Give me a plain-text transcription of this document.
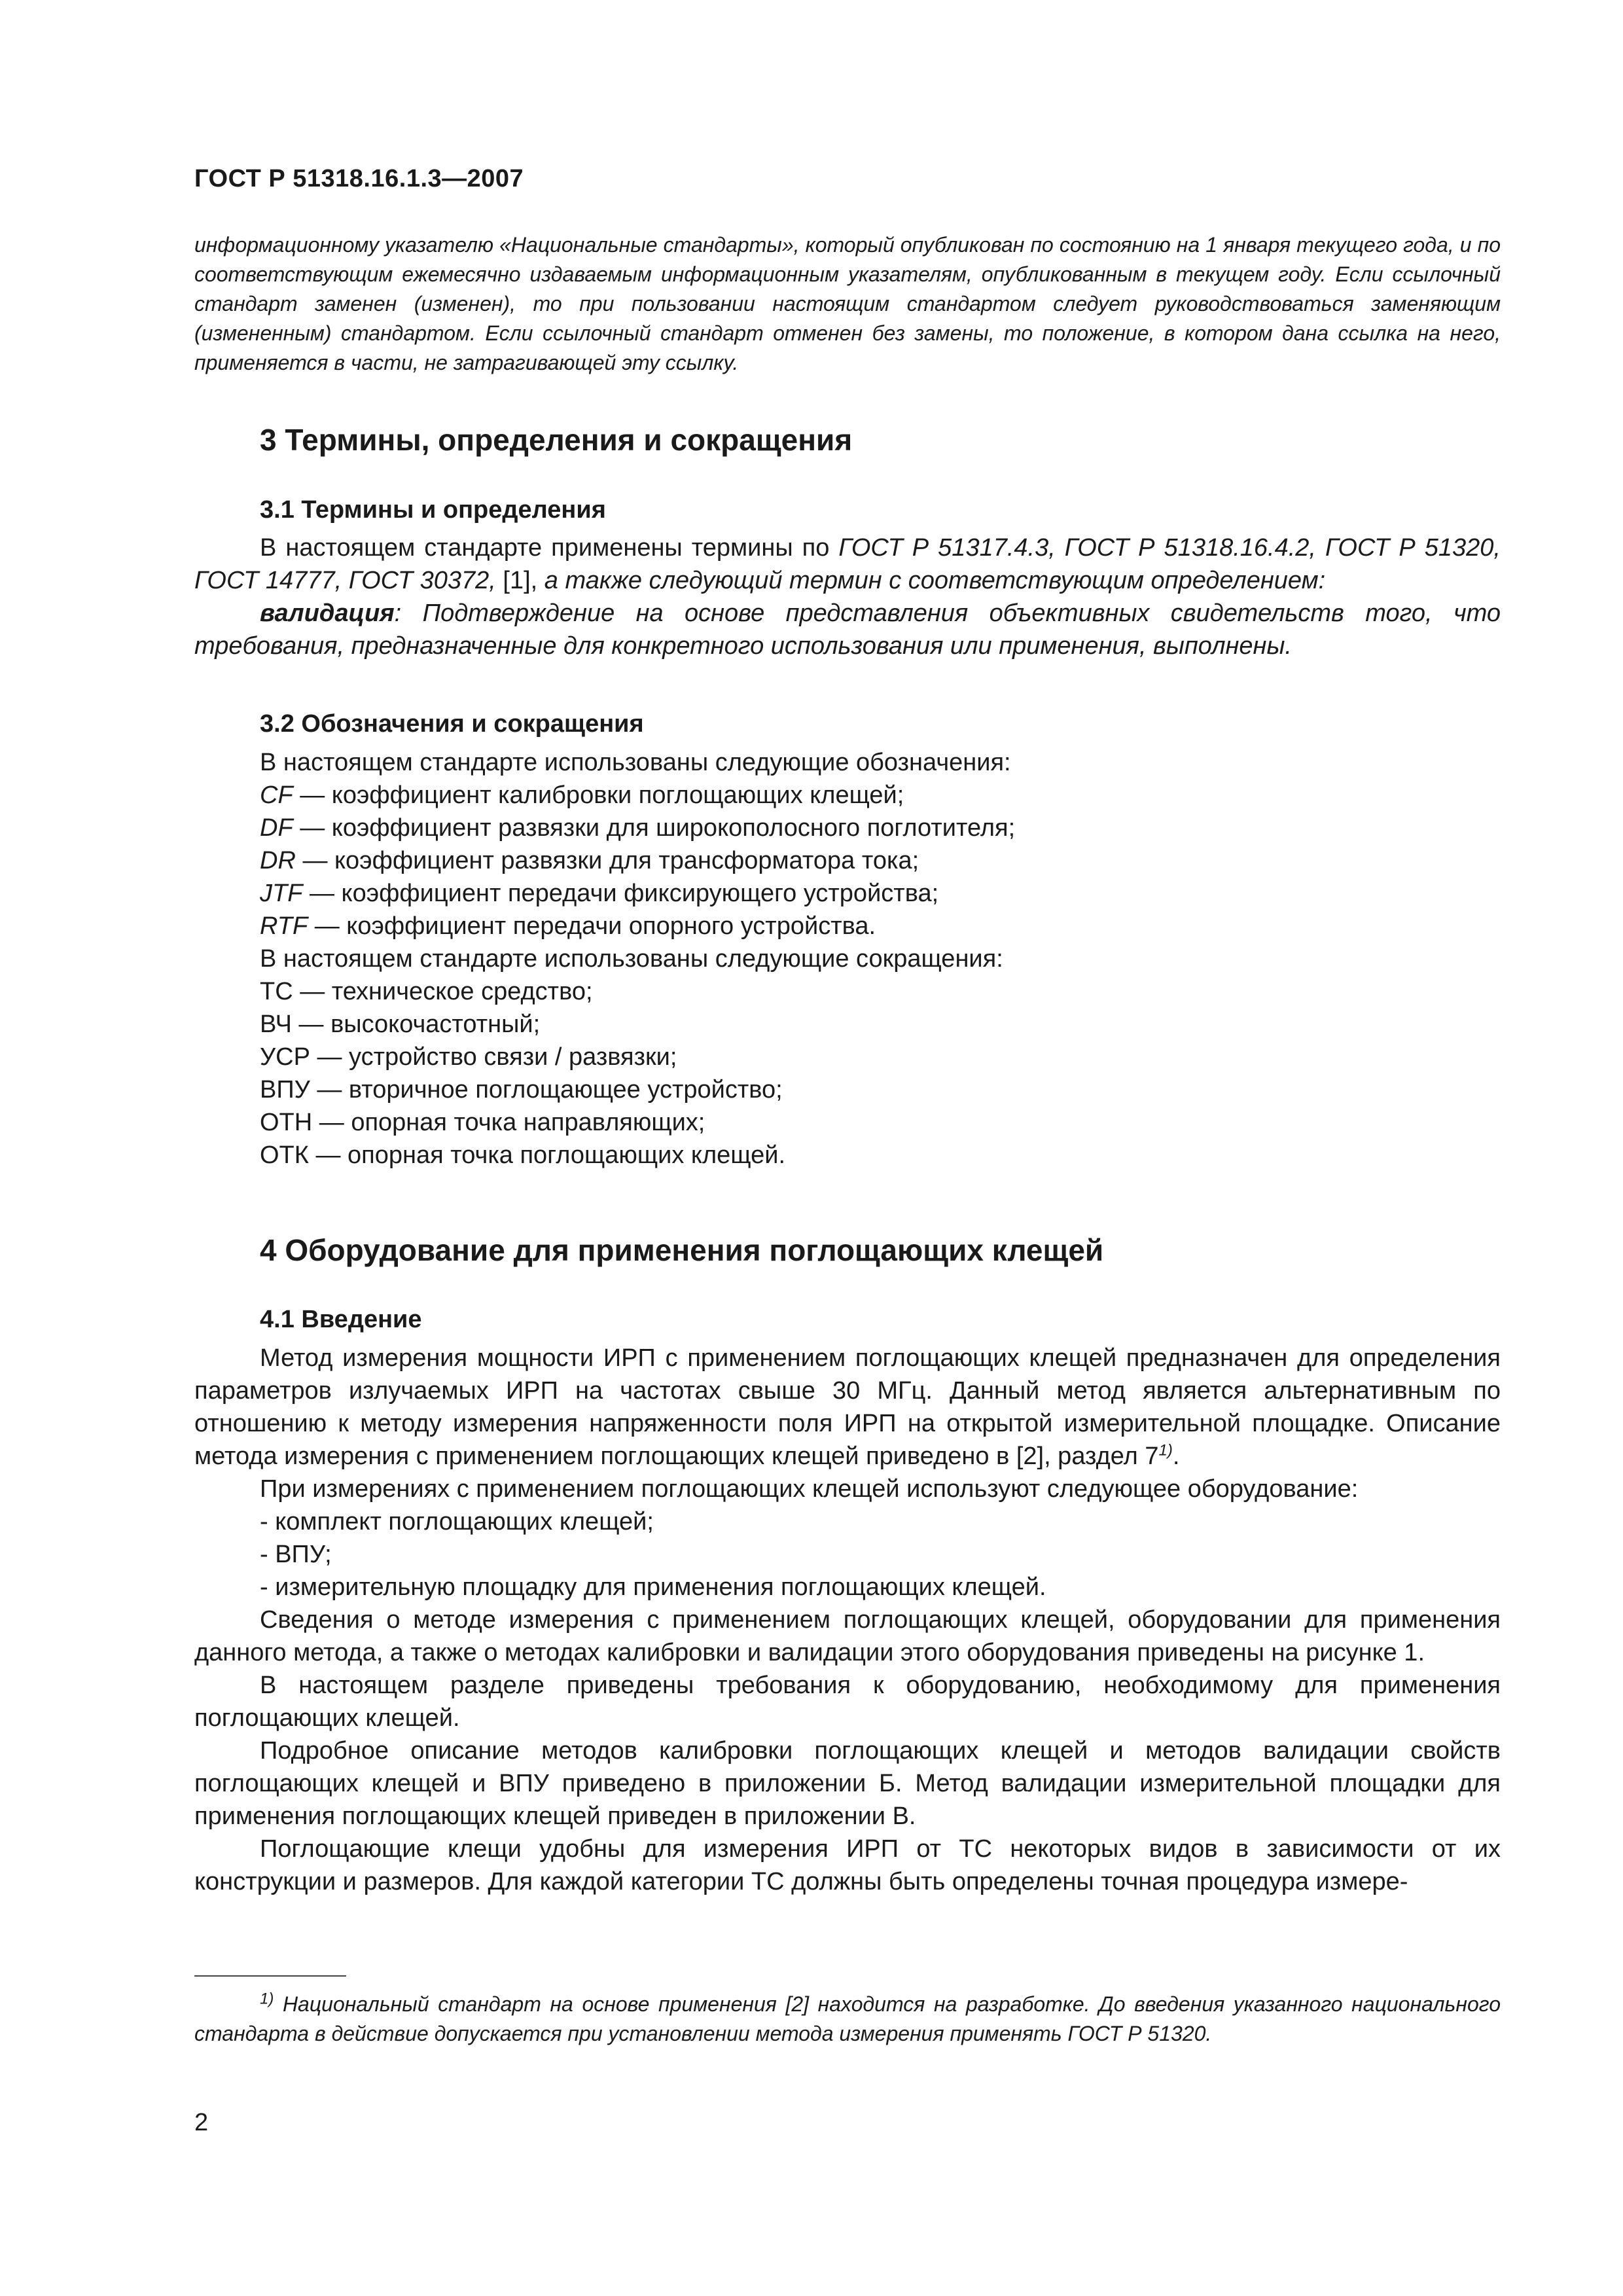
ГОСТ Р 51318.16.1.3—2007
информационному указателю «Национальные стандарты», который опубликован по состоянию на 1 января текущего года, и по соответствующим ежемесячно издаваемым информационным указателям, опубликованным в текущем году. Если ссылочный стандарт заменен (изменен), то при пользовании настоящим стандартом следует руководствоваться заменяющим (измененным) стандартом. Если ссылочный стандарт отменен без замены, то положение, в котором дана ссылка на него, применяется в части, не затрагивающей эту ссылку.
3 Термины, определения и сокращения
3.1 Термины и определения

В настоящем стандарте применены термины по ГОСТ Р 51317.4.3, ГОСТ Р 51318.16.4.2, ГОСТ Р 51320, ГОСТ 14777, ГОСТ 30372, [1], а также следующий термин с соответствующим определением:

валидация: Подтверждение на основе представления объективных свидетельств того, что требования, предназначенные для конкретного использования или применения, выполнены.

3.2 Обозначения и сокращения
В настоящем стандарте использованы следующие обозначения:
CF — коэффициент калибровки поглощающих клещей;
DF — коэффициент развязки для широкополосного поглотителя;
DR — коэффициент развязки для трансформатора тока;
JTF — коэффициент передачи фиксирующего устройства;
RTF — коэффициент передачи опорного устройства.
В настоящем стандарте использованы следующие сокращения:
ТС — техническое средство;
ВЧ — высокочастотный;
УСР — устройство связи / развязки;
ВПУ — вторичное поглощающее устройство;
ОТН — опорная точка направляющих;
ОТК — опорная точка поглощающих клещей.
4 Оборудование для применения поглощающих клещей
4.1 Введение

Метод измерения мощности ИРП с применением поглощающих клещей предназначен для определения параметров излучаемых ИРП на частотах свыше 30 МГц. Данный метод является альтернативным по отношению к методу измерения напряженности поля ИРП на открытой измерительной площадке. Описание метода измерения с применением поглощающих клещей приведено в [2], раздел 7$^{1)}$.

При измерениях с применением поглощающих клещей используют следующее оборудование:

- комплект поглощающих клещей;
- ВПУ;
- измерительную площадку для применения поглощающих клещей.

Сведения о методе измерения с применением поглощающих клещей, оборудовании для применения данного метода, а также о методах калибровки и валидации этого оборудования приведены на рисунке 1.

В настоящем разделе приведены требования к оборудованию, необходимому для применения поглощающих клещей.

Подробное описание методов калибровки поглощающих клещей и методов валидации свойств поглощающих клещей и ВПУ приведено в приложении Б. Метод валидации измерительной площадки для применения поглощающих клещей приведен в приложении В.

Поглощающие клещи удобны для измерения ИРП от ТС некоторых видов в зависимости от их конструкции и размеров. Для каждой категории ТС должны быть определены точная процедура измере-

$^{1)}$ Национальный стандарт на основе применения [2] находится на разработке. До введения указанного национального стандарта в действие допускается при установлении метода измерения применять ГОСТ Р 51320.
2
